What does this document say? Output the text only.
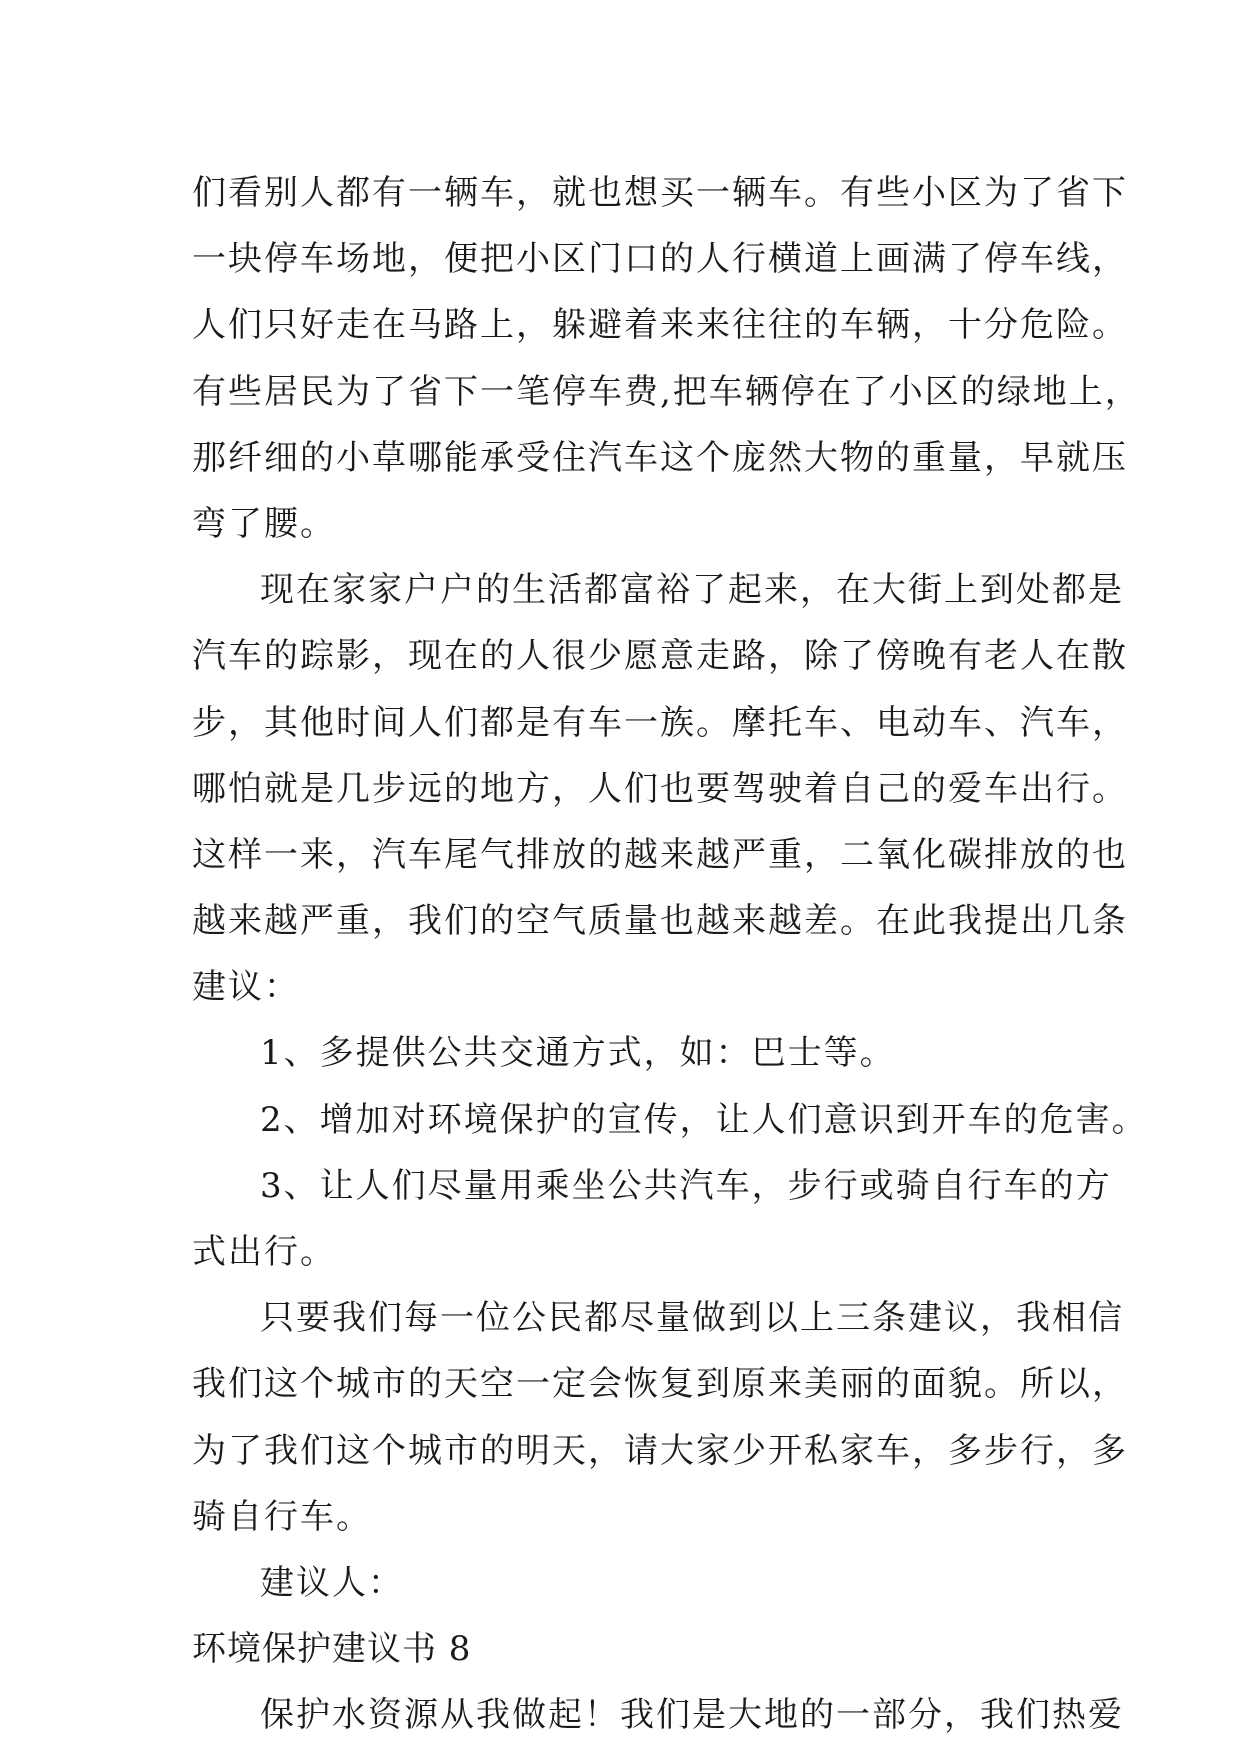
们看别人都有一辆车，就也想买一辆车。有些小区为了省下
一块停车场地，便把小区门口的人行横道上画满了停车线，
人们只好走在马路上，躲避着来来往往的车辆，十分危险。
有些居民为了省下一笔停车费,把车辆停在了小区的绿地上，
那纤细的小草哪能承受住汽车这个庞然大物的重量，早就压
弯了腰。
现在家家户户的生活都富裕了起来，在大街上到处都是
汽车的踪影，现在的人很少愿意走路，除了傍晚有老人在散
步，其他时间人们都是有车一族。摩托车、电动车、汽车，
哪怕就是几步远的地方，人们也要驾驶着自己的爱车出行。
这样一来，汽车尾气排放的越来越严重，二氧化碳排放的也
越来越严重，我们的空气质量也越来越差。在此我提出几条
建议：
1、多提供公共交通方式，如：巴士等。
2、增加对环境保护的宣传，让人们意识到开车的危害。
3、让人们尽量用乘坐公共汽车，步行或骑自行车的方
式出行。
只要我们每一位公民都尽量做到以上三条建议，我相信
我们这个城市的天空一定会恢复到原来美丽的面貌。所以，
为了我们这个城市的明天，请大家少开私家车，多步行，多
骑自行车。
建议人：
环境保护建议书 8
保护水资源从我做起！我们是大地的一部分，我们热爱
